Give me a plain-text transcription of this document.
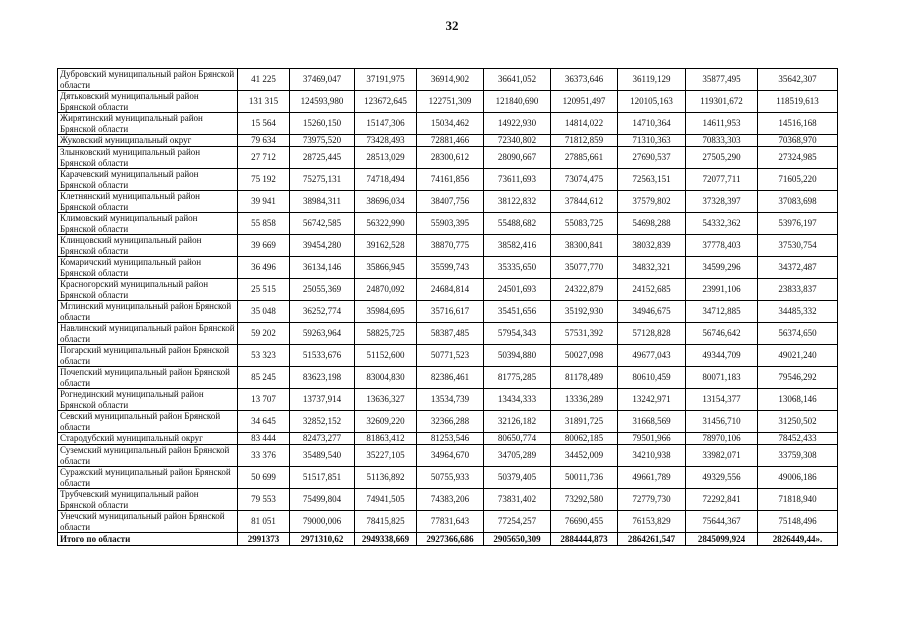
32
Дубровский муниципальный район Брянской области	41 225	37469,047	37191,975	36914,902	36641,052	36373,646	36119,129	35877,495	35642,307
Дятьковский муниципальный район Брянской области	131 315	124593,980	123672,645	122751,309	121840,690	120951,497	120105,163	119301,672	118519,613
Жирятинский муниципальный район Брянской области	15 564	15260,150	15147,306	15034,462	14922,930	14814,022	14710,364	14611,953	14516,168
Жуковский муниципальный округ	79 634	73975,520	73428,493	72881,466	72340,802	71812,859	71310,363	70833,303	70368,970
Злынковский муниципальный район Брянской области	27 712	28725,445	28513,029	28300,612	28090,667	27885,661	27690,537	27505,290	27324,985
Карачевский муниципальный район Брянской области	75 192	75275,131	74718,494	74161,856	73611,693	73074,475	72563,151	72077,711	71605,220
Клетнянский муниципальный район Брянской области	39 941	38984,311	38696,034	38407,756	38122,832	37844,612	37579,802	37328,397	37083,698
Климовский муниципальный район Брянской области	55 858	56742,585	56322,990	55903,395	55488,682	55083,725	54698,288	54332,362	53976,197
Клинцовский муниципальный район Брянской области	39 669	39454,280	39162,528	38870,775	38582,416	38300,841	38032,839	37778,403	37530,754
Комаричский муниципальный район Брянской области	36 496	36134,146	35866,945	35599,743	35335,650	35077,770	34832,321	34599,296	34372,487
Красногорский муниципальный район Брянской области	25 515	25055,369	24870,092	24684,814	24501,693	24322,879	24152,685	23991,106	23833,837
Мглинский муниципальный район Брянской области	35 048	36252,774	35984,695	35716,617	35451,656	35192,930	34946,675	34712,885	34485,332
Навлинский муниципальный район Брянской области	59 202	59263,964	58825,725	58387,485	57954,343	57531,392	57128,828	56746,642	56374,650
Погарский муниципальный район Брянской области	53 323	51533,676	51152,600	50771,523	50394,880	50027,098	49677,043	49344,709	49021,240
Почепский муниципальный район Брянской области	85 245	83623,198	83004,830	82386,461	81775,285	81178,489	80610,459	80071,183	79546,292
Рогнединский муниципальный район Брянской области	13 707	13737,914	13636,327	13534,739	13434,333	13336,289	13242,971	13154,377	13068,146
Севский муниципальный район Брянской области	34 645	32852,152	32609,220	32366,288	32126,182	31891,725	31668,569	31456,710	31250,502
Стародубский муниципальный округ	83 444	82473,277	81863,412	81253,546	80650,774	80062,185	79501,966	78970,106	78452,433
Суземский муниципальный район Брянской области	33 376	35489,540	35227,105	34964,670	34705,289	34452,009	34210,938	33982,071	33759,308
Суражский муниципальный район Брянской области	50 699	51517,851	51136,892	50755,933	50379,405	50011,736	49661,789	49329,556	49006,186
Трубчевский муниципальный район Брянской области	79 553	75499,804	74941,505	74383,206	73831,402	73292,580	72779,730	72292,841	71818,940
Унечский муниципальный район Брянской области	81 051	79000,006	78415,825	77831,643	77254,257	76690,455	76153,829	75644,367	75148,496
Итого по области	2991373	2971310,62	2949338,669	2927366,686	2905650,309	2884444,873	2864261,547	2845099,924	2826449,44».
